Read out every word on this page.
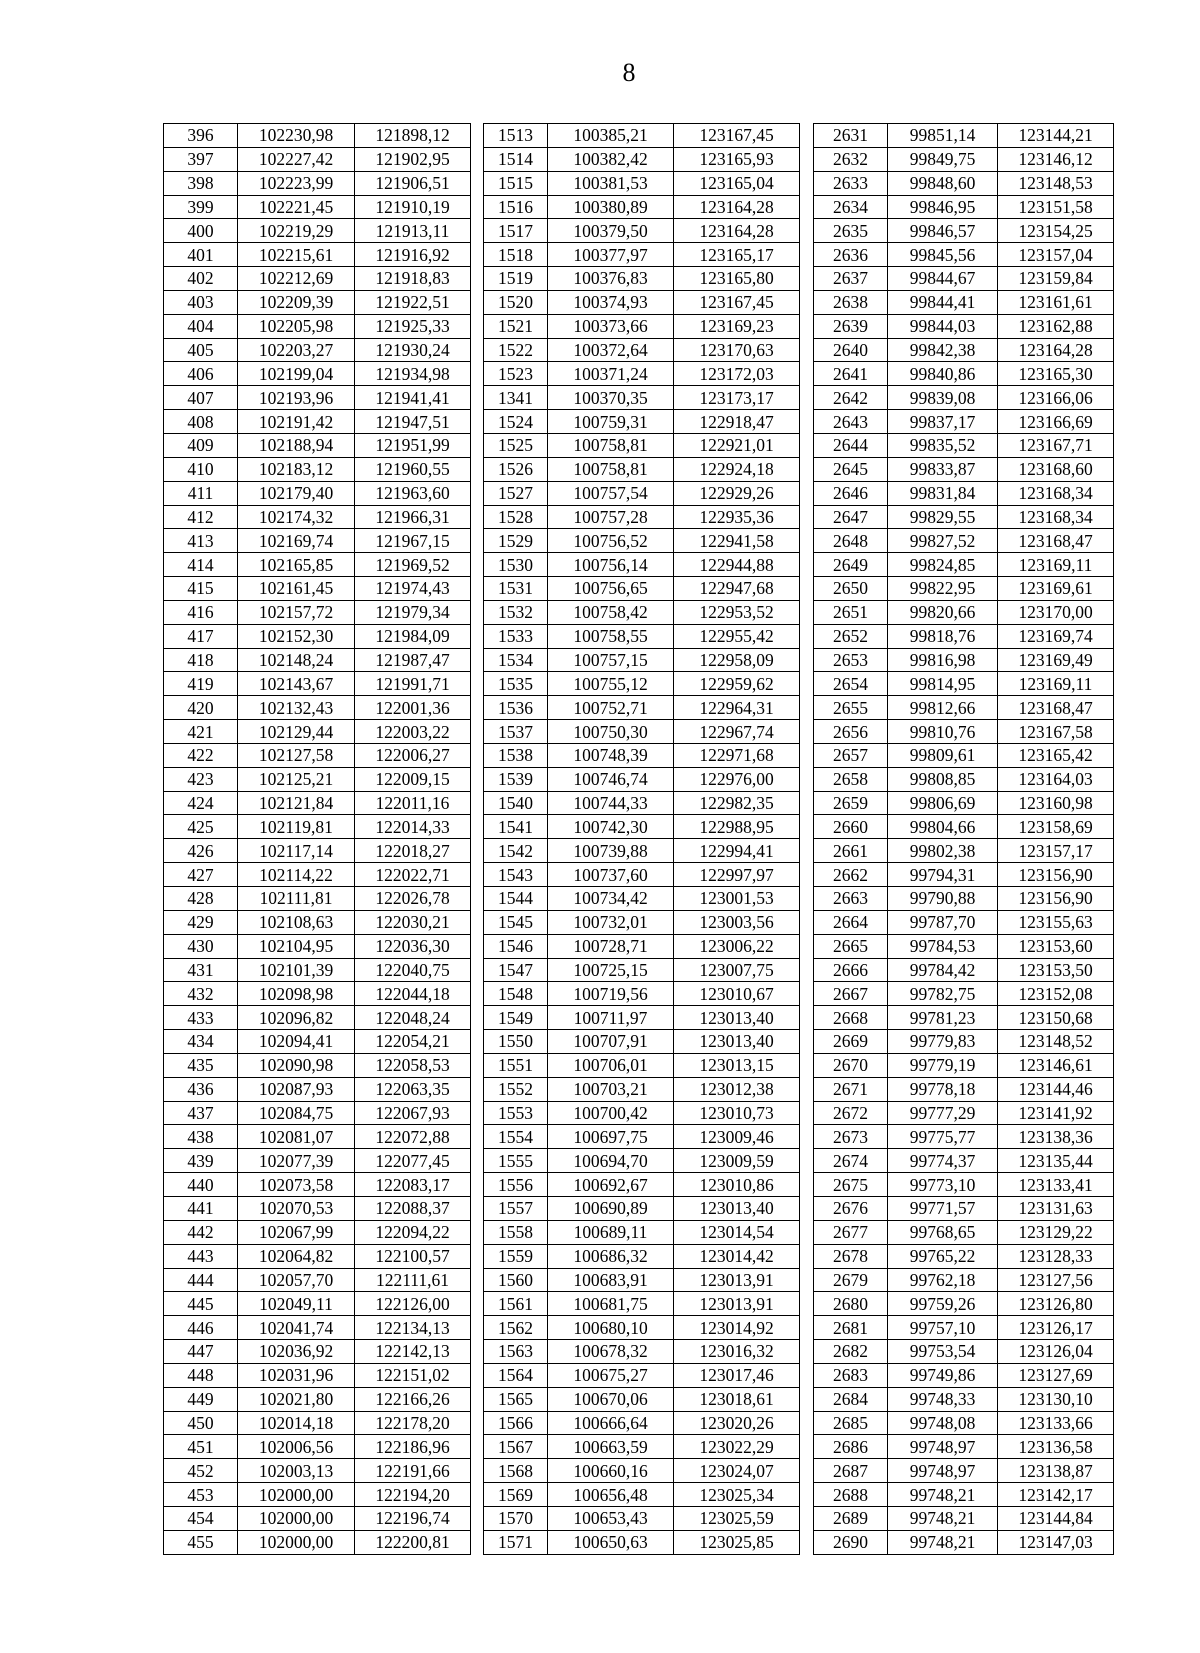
8
396	102230,98	121898,12
397	102227,42	121902,95
398	102223,99	121906,51
399	102221,45	121910,19
400	102219,29	121913,11
401	102215,61	121916,92
402	102212,69	121918,83
403	102209,39	121922,51
404	102205,98	121925,33
405	102203,27	121930,24
406	102199,04	121934,98
407	102193,96	121941,41
408	102191,42	121947,51
409	102188,94	121951,99
410	102183,12	121960,55
411	102179,40	121963,60
412	102174,32	121966,31
413	102169,74	121967,15
414	102165,85	121969,52
415	102161,45	121974,43
416	102157,72	121979,34
417	102152,30	121984,09
418	102148,24	121987,47
419	102143,67	121991,71
420	102132,43	122001,36
421	102129,44	122003,22
422	102127,58	122006,27
423	102125,21	122009,15
424	102121,84	122011,16
425	102119,81	122014,33
426	102117,14	122018,27
427	102114,22	122022,71
428	102111,81	122026,78
429	102108,63	122030,21
430	102104,95	122036,30
431	102101,39	122040,75
432	102098,98	122044,18
433	102096,82	122048,24
434	102094,41	122054,21
435	102090,98	122058,53
436	102087,93	122063,35
437	102084,75	122067,93
438	102081,07	122072,88
439	102077,39	122077,45
440	102073,58	122083,17
441	102070,53	122088,37
442	102067,99	122094,22
443	102064,82	122100,57
444	102057,70	122111,61
445	102049,11	122126,00
446	102041,74	122134,13
447	102036,92	122142,13
448	102031,96	122151,02
449	102021,80	122166,26
450	102014,18	122178,20
451	102006,56	122186,96
452	102003,13	122191,66
453	102000,00	122194,20
454	102000,00	122196,74
455	102000,00	122200,81
1513	100385,21	123167,45
1514	100382,42	123165,93
1515	100381,53	123165,04
1516	100380,89	123164,28
1517	100379,50	123164,28
1518	100377,97	123165,17
1519	100376,83	123165,80
1520	100374,93	123167,45
1521	100373,66	123169,23
1522	100372,64	123170,63
1523	100371,24	123172,03
1341	100370,35	123173,17
1524	100759,31	122918,47
1525	100758,81	122921,01
1526	100758,81	122924,18
1527	100757,54	122929,26
1528	100757,28	122935,36
1529	100756,52	122941,58
1530	100756,14	122944,88
1531	100756,65	122947,68
1532	100758,42	122953,52
1533	100758,55	122955,42
1534	100757,15	122958,09
1535	100755,12	122959,62
1536	100752,71	122964,31
1537	100750,30	122967,74
1538	100748,39	122971,68
1539	100746,74	122976,00
1540	100744,33	122982,35
1541	100742,30	122988,95
1542	100739,88	122994,41
1543	100737,60	122997,97
1544	100734,42	123001,53
1545	100732,01	123003,56
1546	100728,71	123006,22
1547	100725,15	123007,75
1548	100719,56	123010,67
1549	100711,97	123013,40
1550	100707,91	123013,40
1551	100706,01	123013,15
1552	100703,21	123012,38
1553	100700,42	123010,73
1554	100697,75	123009,46
1555	100694,70	123009,59
1556	100692,67	123010,86
1557	100690,89	123013,40
1558	100689,11	123014,54
1559	100686,32	123014,42
1560	100683,91	123013,91
1561	100681,75	123013,91
1562	100680,10	123014,92
1563	100678,32	123016,32
1564	100675,27	123017,46
1565	100670,06	123018,61
1566	100666,64	123020,26
1567	100663,59	123022,29
1568	100660,16	123024,07
1569	100656,48	123025,34
1570	100653,43	123025,59
1571	100650,63	123025,85
2631	99851,14	123144,21
2632	99849,75	123146,12
2633	99848,60	123148,53
2634	99846,95	123151,58
2635	99846,57	123154,25
2636	99845,56	123157,04
2637	99844,67	123159,84
2638	99844,41	123161,61
2639	99844,03	123162,88
2640	99842,38	123164,28
2641	99840,86	123165,30
2642	99839,08	123166,06
2643	99837,17	123166,69
2644	99835,52	123167,71
2645	99833,87	123168,60
2646	99831,84	123168,34
2647	99829,55	123168,34
2648	99827,52	123168,47
2649	99824,85	123169,11
2650	99822,95	123169,61
2651	99820,66	123170,00
2652	99818,76	123169,74
2653	99816,98	123169,49
2654	99814,95	123169,11
2655	99812,66	123168,47
2656	99810,76	123167,58
2657	99809,61	123165,42
2658	99808,85	123164,03
2659	99806,69	123160,98
2660	99804,66	123158,69
2661	99802,38	123157,17
2662	99794,31	123156,90
2663	99790,88	123156,90
2664	99787,70	123155,63
2665	99784,53	123153,60
2666	99784,42	123153,50
2667	99782,75	123152,08
2668	99781,23	123150,68
2669	99779,83	123148,52
2670	99779,19	123146,61
2671	99778,18	123144,46
2672	99777,29	123141,92
2673	99775,77	123138,36
2674	99774,37	123135,44
2675	99773,10	123133,41
2676	99771,57	123131,63
2677	99768,65	123129,22
2678	99765,22	123128,33
2679	99762,18	123127,56
2680	99759,26	123126,80
2681	99757,10	123126,17
2682	99753,54	123126,04
2683	99749,86	123127,69
2684	99748,33	123130,10
2685	99748,08	123133,66
2686	99748,97	123136,58
2687	99748,97	123138,87
2688	99748,21	123142,17
2689	99748,21	123144,84
2690	99748,21	123147,03
